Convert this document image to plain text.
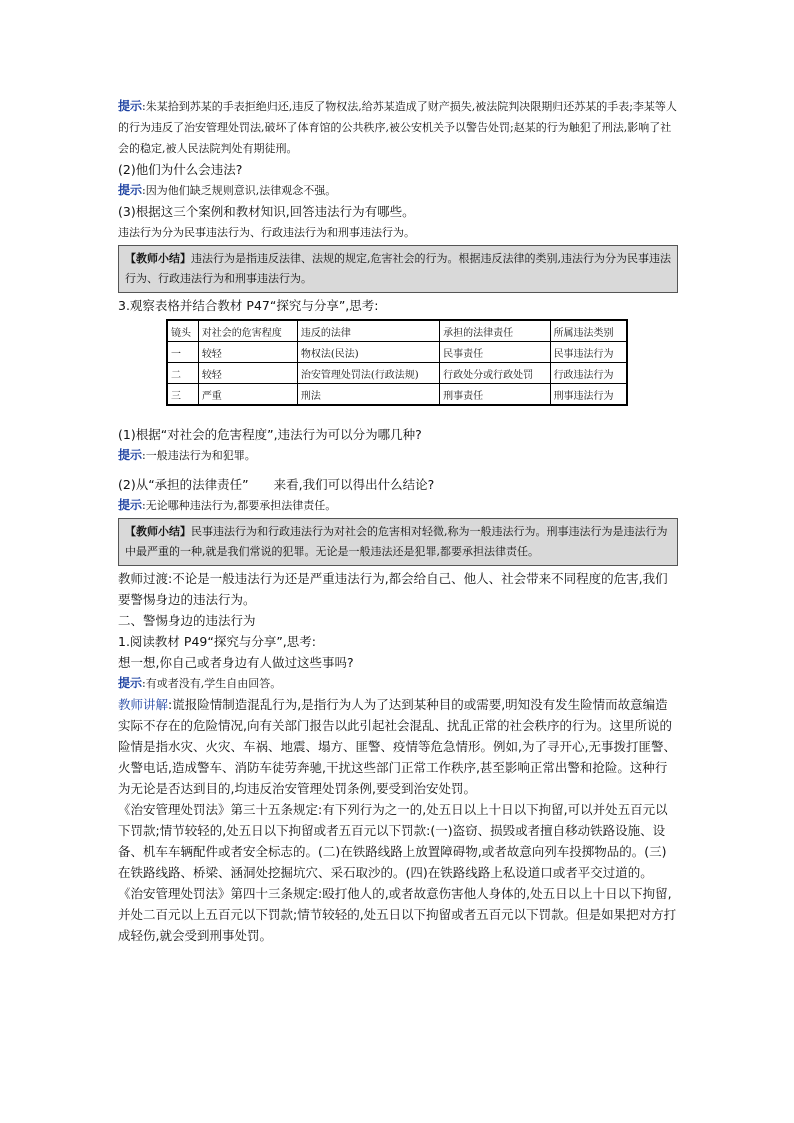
提示:朱某拾到苏某的手表拒绝归还,违反了物权法,给苏某造成了财产损失,被法院判决限期归还苏某的手表;李某等人的行为违反了治安管理处罚法,破坏了体育馆的公共秩序,被公安机关予以警告处罚;赵某的行为触犯了刑法,影响了社会的稳定,被人民法院判处有期徒刑。
(2)他们为什么会违法?
提示:因为他们缺乏规则意识,法律观念不强。
(3)根据这三个案例和教材知识,回答违法行为有哪些。
违法行为分为民事违法行为、行政违法行为和刑事违法行为。
【教师小结】违法行为是指违反法律、法规的规定,危害社会的行为。根据违反法律的类别,违法行为分为民事违法行为、行政违法行为和刑事违法行为。
3.观察表格并结合教材 P47“探究与分享”,思考:
镜头	对社会的危害程度	违反的法律	承担的法律责任	所属违法类别
一	较轻	物权法(民法)	民事责任	民事违法行为
二	较轻	治安管理处罚法(行政法规)	行政处分或行政处罚	行政违法行为
三	严重	刑法	刑事责任	刑事违法行为
(1)根据“对社会的危害程度”,违法行为可以分为哪几种?
提示:一般违法行为和犯罪。
(2)从“承担的法律责任”　　来看,我们可以得出什么结论?
提示:无论哪种违法行为,都要承担法律责任。
【教师小结】民事违法行为和行政违法行为对社会的危害相对轻微,称为一般违法行为。刑事违法行为是违法行为中最严重的一种,就是我们常说的犯罪。无论是一般违法还是犯罪,都要承担法律责任。
教师过渡:不论是一般违法行为还是严重违法行为,都会给自己、他人、社会带来不同程度的危害,我们要警惕身边的违法行为。
二、警惕身边的违法行为
1.阅读教材 P49“探究与分享”,思考:
想一想,你自己或者身边有人做过这些事吗?
提示:有或者没有,学生自由回答。
教师讲解:谎报险情制造混乱行为,是指行为人为了达到某种目的或需要,明知没有发生险情而故意编造实际不存在的危险情况,向有关部门报告以此引起社会混乱、扰乱正常的社会秩序的行为。这里所说的险情是指水灾、火灾、车祸、地震、塌方、匪警、疫情等危急情形。例如,为了寻开心,无事拨打匪警、火警电话,造成警车、消防车徒劳奔驰,干扰这些部门正常工作秩序,甚至影响正常出警和抢险。这种行为无论是否达到目的,均违反治安管理处罚条例,要受到治安处罚。
《治安管理处罚法》第三十五条规定:有下列行为之一的,处五日以上十日以下拘留,可以并处五百元以下罚款;情节较轻的,处五日以下拘留或者五百元以下罚款:(一)盗窃、损毁或者擅自移动铁路设施、设备、机车车辆配件或者安全标志的。(二)在铁路线路上放置障碍物,或者故意向列车投掷物品的。(三)在铁路线路、桥梁、涵洞处挖掘坑穴、采石取沙的。(四)在铁路线路上私设道口或者平交过道的。
《治安管理处罚法》第四十三条规定:殴打他人的,或者故意伤害他人身体的,处五日以上十日以下拘留,并处二百元以上五百元以下罚款;情节较轻的,处五日以下拘留或者五百元以下罚款。但是如果把对方打成轻伤,就会受到刑事处罚。
